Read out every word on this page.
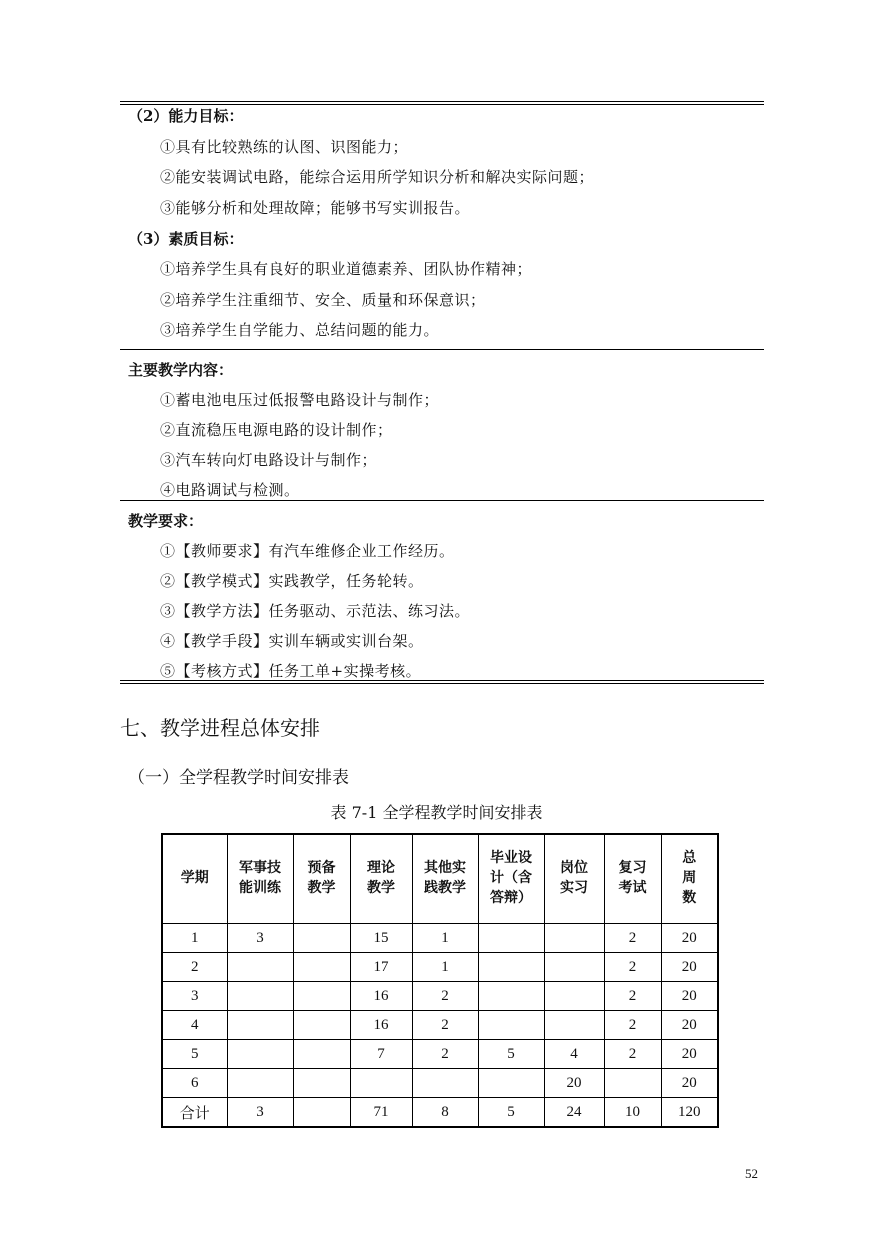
（2）能力目标：
①具有比较熟练的认图、识图能力；
②能安装调试电路，能综合运用所学知识分析和解决实际问题；
③能够分析和处理故障；能够书写实训报告。
（3）素质目标：
①培养学生具有良好的职业道德素养、团队协作精神；
②培养学生注重细节、安全、质量和环保意识；
③培养学生自学能力、总结问题的能力。
主要教学内容：
①蓄电池电压过低报警电路设计与制作；
②直流稳压电源电路的设计制作；
③汽车转向灯电路设计与制作；
④电路调试与检测。
教学要求：
①【教师要求】有汽车维修企业工作经历。
②【教学模式】实践教学，任务轮转。
③【教学方法】任务驱动、示范法、练习法。
④【教学手段】实训车辆或实训台架。
⑤【考核方式】任务工单+实操考核。
七、教学进程总体安排
（一）全学程教学时间安排表
表 7-1 全学程教学时间安排表
学期	军事技能训练	预备教学	理论教学	其他实践教学	毕业设计（含答辩）	岗位实习	复习考试	总周数
1	3		15	1			2	20
2			17	1			2	20
3			16	2			2	20
4			16	2			2	20
5			7	2	5	4	2	20
6						20		20
合计	3		71	8	5	24	10	120
52
